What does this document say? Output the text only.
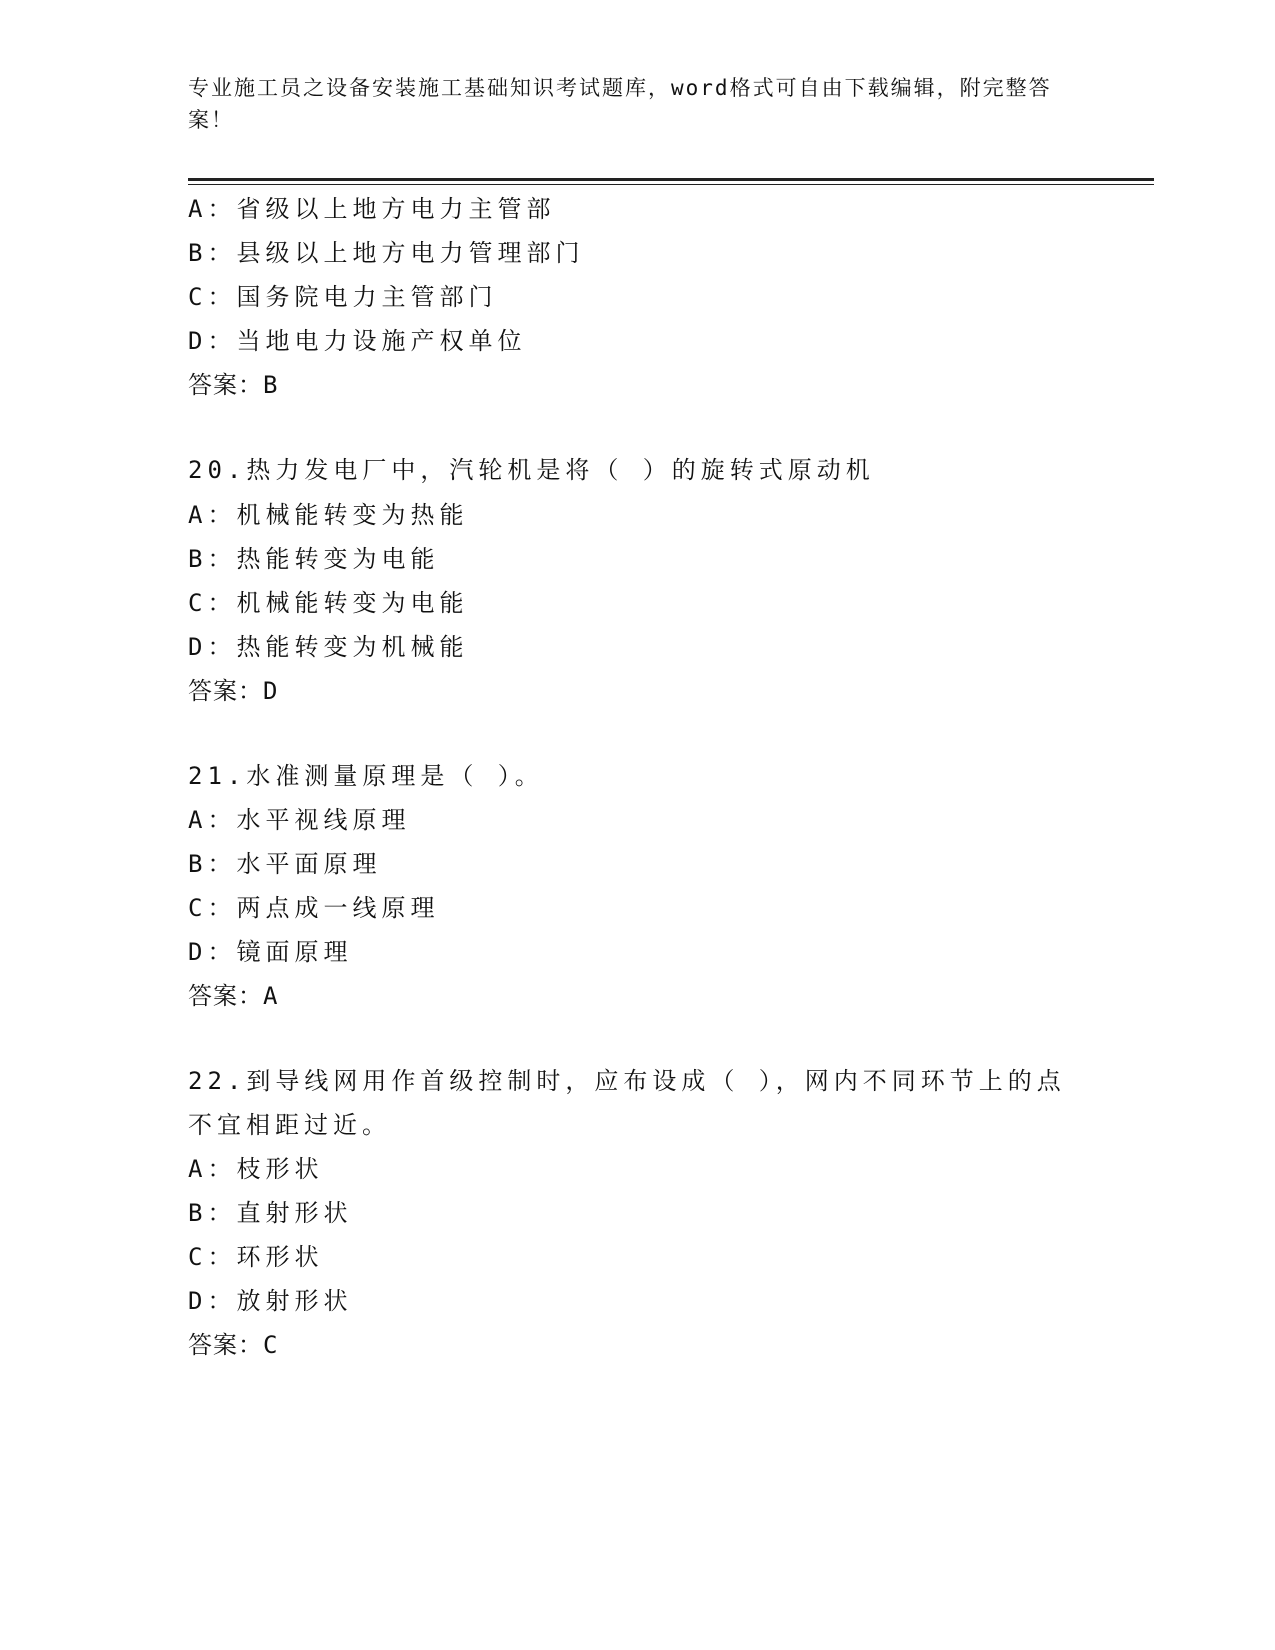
专业施工员之设备安装施工基础知识考试题库，word格式可自由下载编辑，附完整答案！
A：省级以上地方电力主管部
B：县级以上地方电力管理部门
C：国务院电力主管部门
D：当地电力设施产权单位
答案：B
20.热力发电厂中，汽轮机是将（ ）的旋转式原动机
A：机械能转变为热能
B：热能转变为电能
C：机械能转变为电能
D：热能转变为机械能
答案：D
21.水准测量原理是（ ）。
A：水平视线原理
B：水平面原理
C：两点成一线原理
D：镜面原理
答案：A
22.到导线网用作首级控制时，应布设成（ ），网内不同环节上的点
不宜相距过近。
A：枝形状
B：直射形状
C：环形状
D：放射形状
答案：C
